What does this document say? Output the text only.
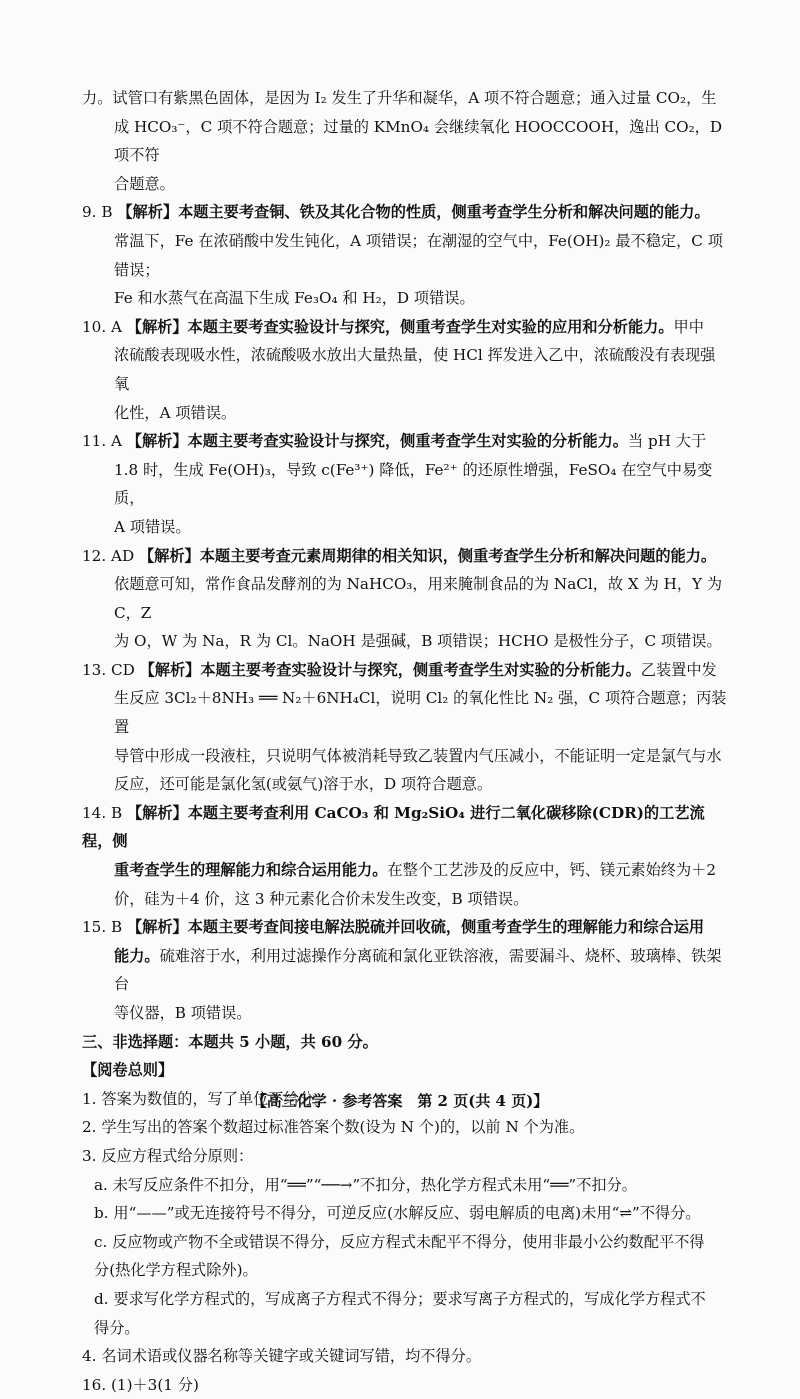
力。试管口有紫黑色固体，是因为 I₂ 发生了升华和凝华，A 项不符合题意；通入过量 CO₂，生
成 HCO₃⁻，C 项不符合题意；过量的 KMnO₄ 会继续氧化 HOOCCOOH，逸出 CO₂，D 项不符
合题意。
9. B 【解析】本题主要考查铜、铁及其化合物的性质，侧重考查学生分析和解决问题的能力。
常温下，Fe 在浓硝酸中发生钝化，A 项错误；在潮湿的空气中，Fe(OH)₂ 最不稳定，C 项错误；
Fe 和水蒸气在高温下生成 Fe₃O₄ 和 H₂，D 项错误。
10. A 【解析】本题主要考查实验设计与探究，侧重考查学生对实验的应用和分析能力。甲中
浓硫酸表现吸水性，浓硫酸吸水放出大量热量，使 HCl 挥发进入乙中，浓硫酸没有表现强氧
化性，A 项错误。
11. A 【解析】本题主要考查实验设计与探究，侧重考查学生对实验的分析能力。当 pH 大于
1.8 时，生成 Fe(OH)₃，导致 c(Fe³⁺) 降低，Fe²⁺ 的还原性增强，FeSO₄ 在空气中易变质，
A 项错误。
12. AD 【解析】本题主要考查元素周期律的相关知识，侧重考查学生分析和解决问题的能力。
依题意可知，常作食品发酵剂的为 NaHCO₃，用来腌制食品的为 NaCl，故 X 为 H，Y 为 C，Z
为 O，W 为 Na，R 为 Cl。NaOH 是强碱，B 项错误；HCHO 是极性分子，C 项错误。
13. CD 【解析】本题主要考查实验设计与探究，侧重考查学生对实验的分析能力。乙装置中发
生反应 3Cl₂＋8NH₃ ══ N₂＋6NH₄Cl，说明 Cl₂ 的氧化性比 N₂ 强，C 项符合题意；丙装置
导管中形成一段液柱，只说明气体被消耗导致乙装置内气压减小，不能证明一定是氯气与水
反应，还可能是氯化氢(或氨气)溶于水，D 项符合题意。
14. B 【解析】本题主要考查利用 CaCO₃ 和 Mg₂SiO₄ 进行二氧化碳移除(CDR)的工艺流程，侧
重考查学生的理解能力和综合运用能力。在整个工艺涉及的反应中，钙、镁元素始终为＋2
价，硅为＋4 价，这 3 种元素化合价未发生改变，B 项错误。
15. B 【解析】本题主要考查间接电解法脱硫并回收硫，侧重考查学生的理解能力和综合运用
能力。硫难溶于水，利用过滤操作分离硫和氯化亚铁溶液，需要漏斗、烧杯、玻璃棒、铁架台
等仪器，B 项错误。
三、非选择题：本题共 5 小题，共 60 分。
【阅卷总则】
1. 答案为数值的，写了单位不给分。
2. 学生写出的答案个数超过标准答案个数(设为 N 个)的，以前 N 个为准。
3. 反应方程式给分原则：
a. 未写反应条件不扣分，用“══”“──→”不扣分，热化学方程式未用“══”不扣分。
b. 用“——”或无连接符号不得分，可逆反应(水解反应、弱电解质的电离)未用“⇌”不得分。
c. 反应物或产物不全或错误不得分，反应方程式未配平不得分，使用非最小公约数配平不得
分(热化学方程式除外)。
d. 要求写化学方程式的，写成离子方程式不得分；要求写离子方程式的，写成化学方程式不
得分。
4. 名词术语或仪器名称等关键字或关键词写错，均不得分。
16. (1)＋3(1 分)
【高三化学 · 参考答案　第 2 页(共 4 页)】
